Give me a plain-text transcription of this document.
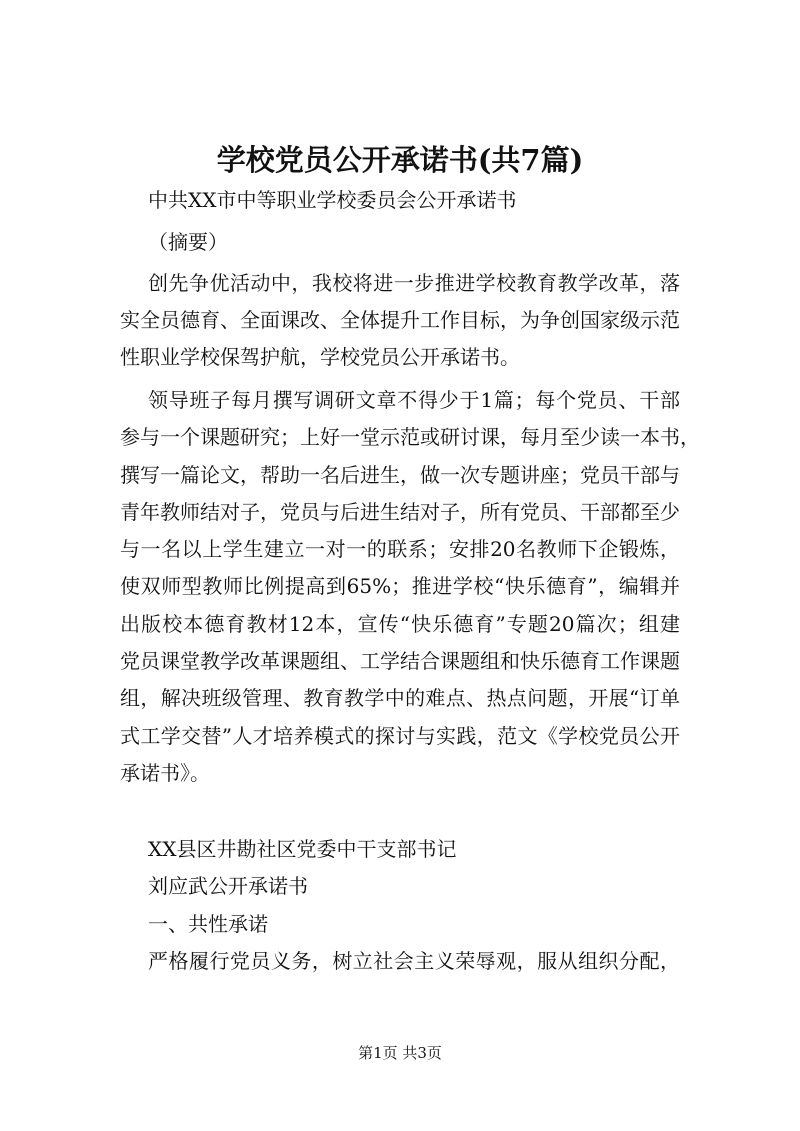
学校党员公开承诺书(共7篇)
中共XX市中等职业学校委员会公开承诺书
（摘要）
创先争优活动中，我校将进一步推进学校教育教学改革，落
实全员德育、全面课改、全体提升工作目标，为争创国家级示范
性职业学校保驾护航，学校党员公开承诺书。
领导班子每月撰写调研文章不得少于1篇；每个党员、干部
参与一个课题研究；上好一堂示范或研讨课，每月至少读一本书，
撰写一篇论文，帮助一名后进生，做一次专题讲座；党员干部与
青年教师结对子，党员与后进生结对子，所有党员、干部都至少
与一名以上学生建立一对一的联系；安排20名教师下企锻炼，
使双师型教师比例提高到65%；推进学校“快乐德育”，编辑并
出版校本德育教材12本，宣传“快乐德育”专题20篇次；组建
党员课堂教学改革课题组、工学结合课题组和快乐德育工作课题
组，解决班级管理、教育教学中的难点、热点问题，开展“订单
式工学交替”人才培养模式的探讨与实践，范文《学校党员公开
承诺书》。
XX县区井勘社区党委中干支部书记
刘应武公开承诺书
一、共性承诺
严格履行党员义务，树立社会主义荣辱观，服从组织分配，
第1页 共3页
